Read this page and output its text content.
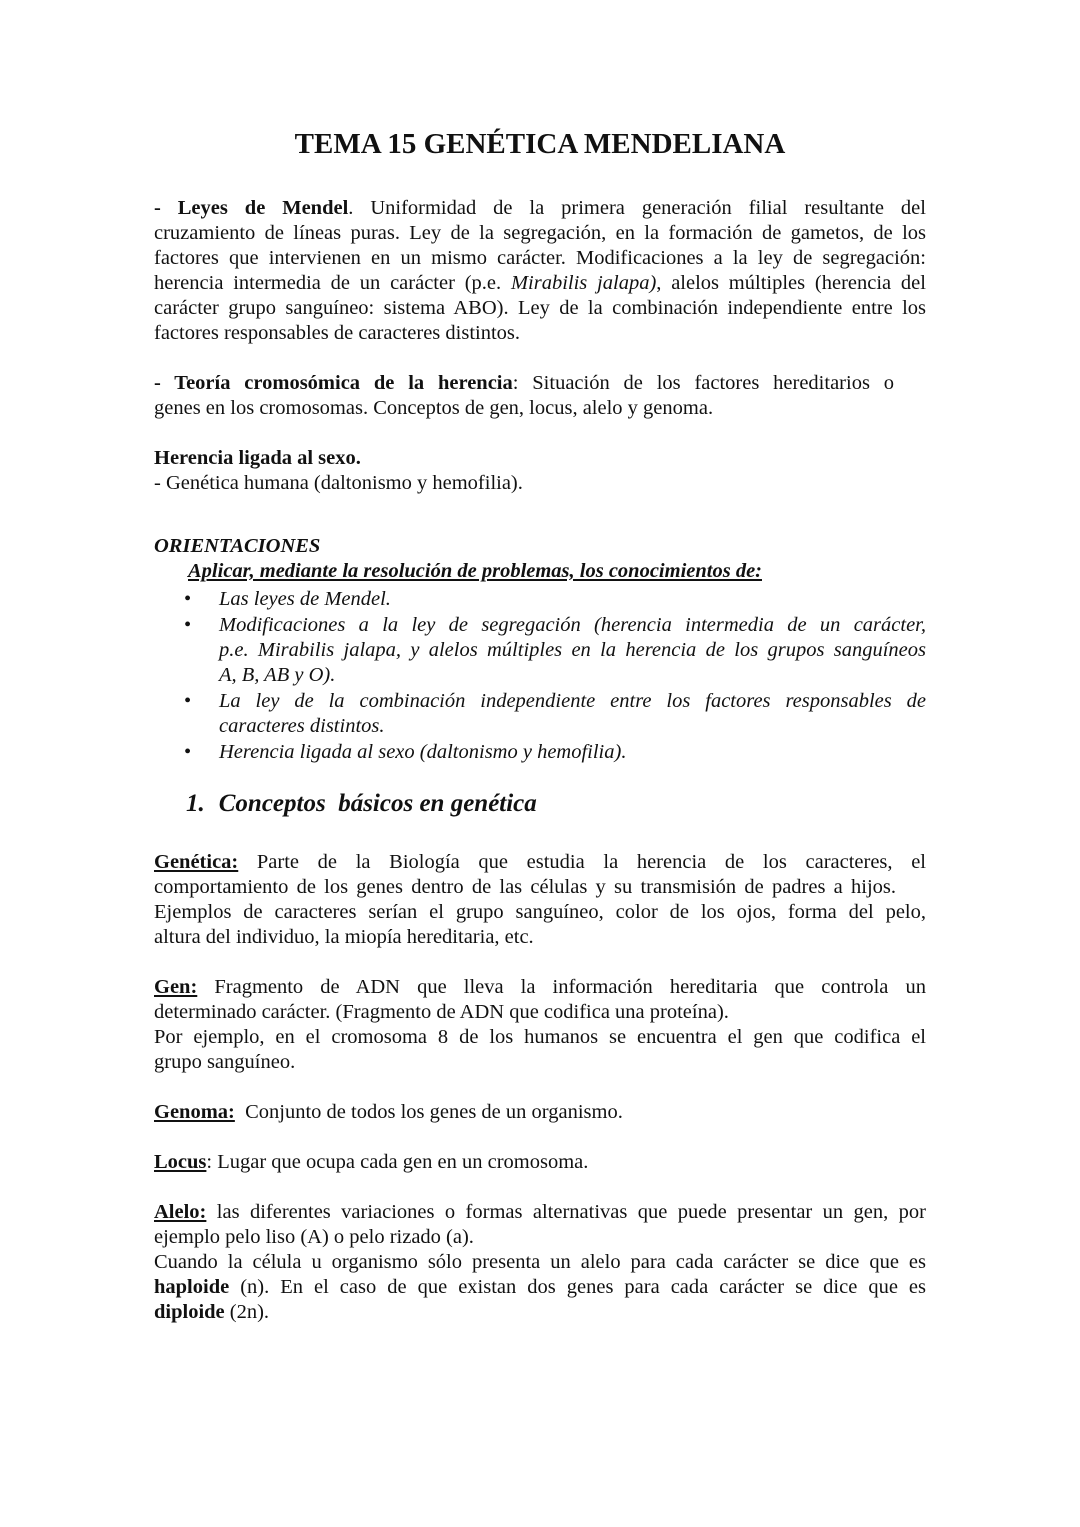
TEMA 15 GENÉTICA MENDELIANA

- Leyes de Mendel. Uniformidad de la primera generación filial resultante del
cruzamiento de líneas puras. Ley de la segregación, en la formación de gametos, de los
factores que intervienen en un mismo carácter. Modificaciones a la ley de segregación:
herencia intermedia de un carácter (p.e. Mirabilis jalapa), alelos múltiples (herencia del
carácter grupo sanguíneo: sistema ABO). Ley de la combinación independiente entre los
factores responsables de caracteres distintos.

- Teoría cromosómica de la herencia: Situación de los factores hereditarios o
genes en los cromosomas. Conceptos de gen, locus, alelo y genoma.

Herencia ligada al sexo.
- Genética humana (daltonismo y hemofilia).

ORIENTACIONES

Aplicar, mediante la resolución de problemas, los conocimientos de:

• Las leyes de Mendel.
• Modificaciones a la ley de segregación (herencia intermedia de un carácter,
p.e. Mirabilis jalapa, y alelos múltiples en la herencia de los grupos sanguíneos
A, B, AB y O).
• La ley de la combinación independiente entre los factores responsables de
caracteres distintos.
• Herencia ligada al sexo (daltonismo y hemofilia).
1. Conceptos  básicos en genética

Genética: Parte de la Biología que estudia la herencia de los caracteres, el
comportamiento de los genes dentro de las células y su transmisión de padres a hijos.
Ejemplos de caracteres serían el grupo sanguíneo, color de los ojos, forma del pelo,
altura del individuo, la miopía hereditaria, etc.

Gen: Fragmento de ADN que lleva la información hereditaria que controla un
determinado carácter. (Fragmento de ADN que codifica una proteína).
Por ejemplo, en el cromosoma 8 de los humanos se encuentra el gen que codifica el
grupo sanguíneo.

Genoma:  Conjunto de todos los genes de un organismo.

Locus: Lugar que ocupa cada gen en un cromosoma.

Alelo: las diferentes variaciones o formas alternativas que puede presentar un gen, por
ejemplo pelo liso (A) o pelo rizado (a).
Cuando la célula u organismo sólo presenta un alelo para cada carácter se dice que es
haploide (n). En el caso de que existan dos genes para cada carácter se dice que es
diploide (2n).
